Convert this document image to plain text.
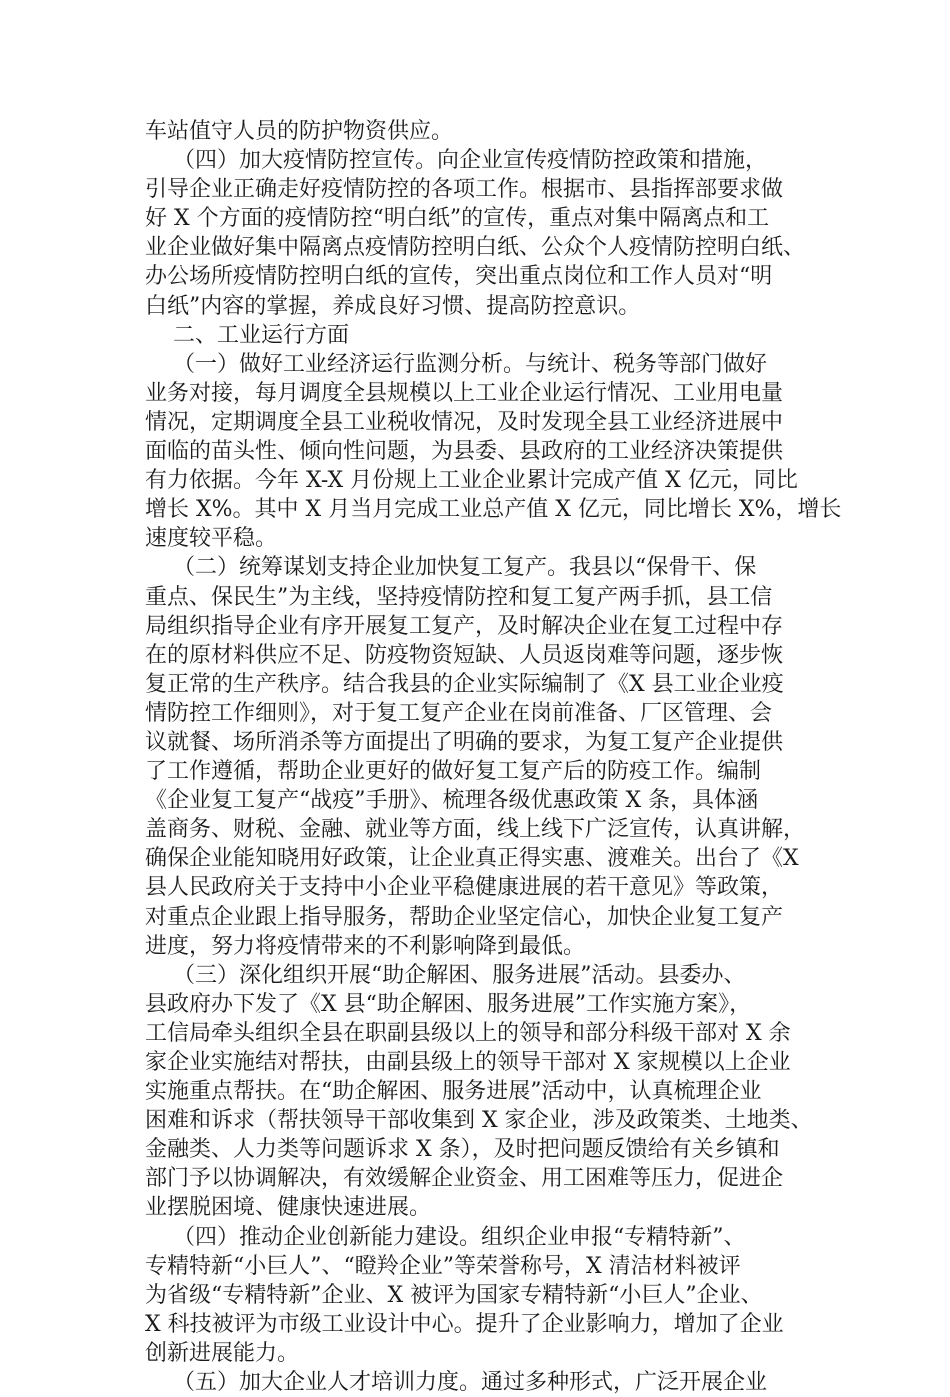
车站值守人员的防护物资供应。
（四）加大疫情防控宣传。向企业宣传疫情防控政策和措施，
引导企业正确走好疫情防控的各项工作。根据市、县指挥部要求做
好 X 个方面的疫情防控“明白纸”的宣传，重点对集中隔离点和工
业企业做好集中隔离点疫情防控明白纸、公众个人疫情防控明白纸、
办公场所疫情防控明白纸的宣传，突出重点岗位和工作人员对“明
白纸”内容的掌握，养成良好习惯、提高防控意识。
二、工业运行方面
（一）做好工业经济运行监测分析。与统计、税务等部门做好
业务对接，每月调度全县规模以上工业企业运行情况、工业用电量
情况，定期调度全县工业税收情况，及时发现全县工业经济进展中
面临的苗头性、倾向性问题，为县委、县政府的工业经济决策提供
有力依据。今年 X-X 月份规上工业企业累计完成产值 X 亿元，同比
增长 X%。其中 X 月当月完成工业总产值 X 亿元，同比增长 X%，增长
速度较平稳。
（二）统筹谋划支持企业加快复工复产。我县以“保骨干、保
重点、保民生”为主线，坚持疫情防控和复工复产两手抓，县工信
局组织指导企业有序开展复工复产，及时解决企业在复工过程中存
在的原材料供应不足、防疫物资短缺、人员返岗难等问题，逐步恢
复正常的生产秩序。结合我县的企业实际编制了《X 县工业企业疫
情防控工作细则》，对于复工复产企业在岗前准备、厂区管理、会
议就餐、场所消杀等方面提出了明确的要求，为复工复产企业提供
了工作遵循，帮助企业更好的做好复工复产后的防疫工作。编制
《企业复工复产“战疫”手册》、梳理各级优惠政策 X 条，具体涵
盖商务、财税、金融、就业等方面，线上线下广泛宣传，认真讲解，
确保企业能知晓用好政策，让企业真正得实惠、渡难关。出台了《X
县人民政府关于支持中小企业平稳健康进展的若干意见》等政策，
对重点企业跟上指导服务，帮助企业坚定信心，加快企业复工复产
进度，努力将疫情带来的不利影响降到最低。
（三）深化组织开展“助企解困、服务进展”活动。县委办、
县政府办下发了《X 县“助企解困、服务进展”工作实施方案》，
工信局牵头组织全县在职副县级以上的领导和部分科级干部对 X 余
家企业实施结对帮扶，由副县级上的领导干部对 X 家规模以上企业
实施重点帮扶。在“助企解困、服务进展”活动中，认真梳理企业
困难和诉求（帮扶领导干部收集到 X 家企业，涉及政策类、土地类、
金融类、人力类等问题诉求 X 条），及时把问题反馈给有关乡镇和
部门予以协调解决，有效缓解企业资金、用工困难等压力，促进企
业摆脱困境、健康快速进展。
（四）推动企业创新能力建设。组织企业申报“专精特新”、
专精特新“小巨人”、“瞪羚企业”等荣誉称号，X 清洁材料被评
为省级“专精特新”企业、X 被评为国家专精特新“小巨人”企业、
X 科技被评为市级工业设计中心。提升了企业影响力，增加了企业
创新进展能力。
（五）加大企业人才培训力度。通过多种形式，广泛开展企业
